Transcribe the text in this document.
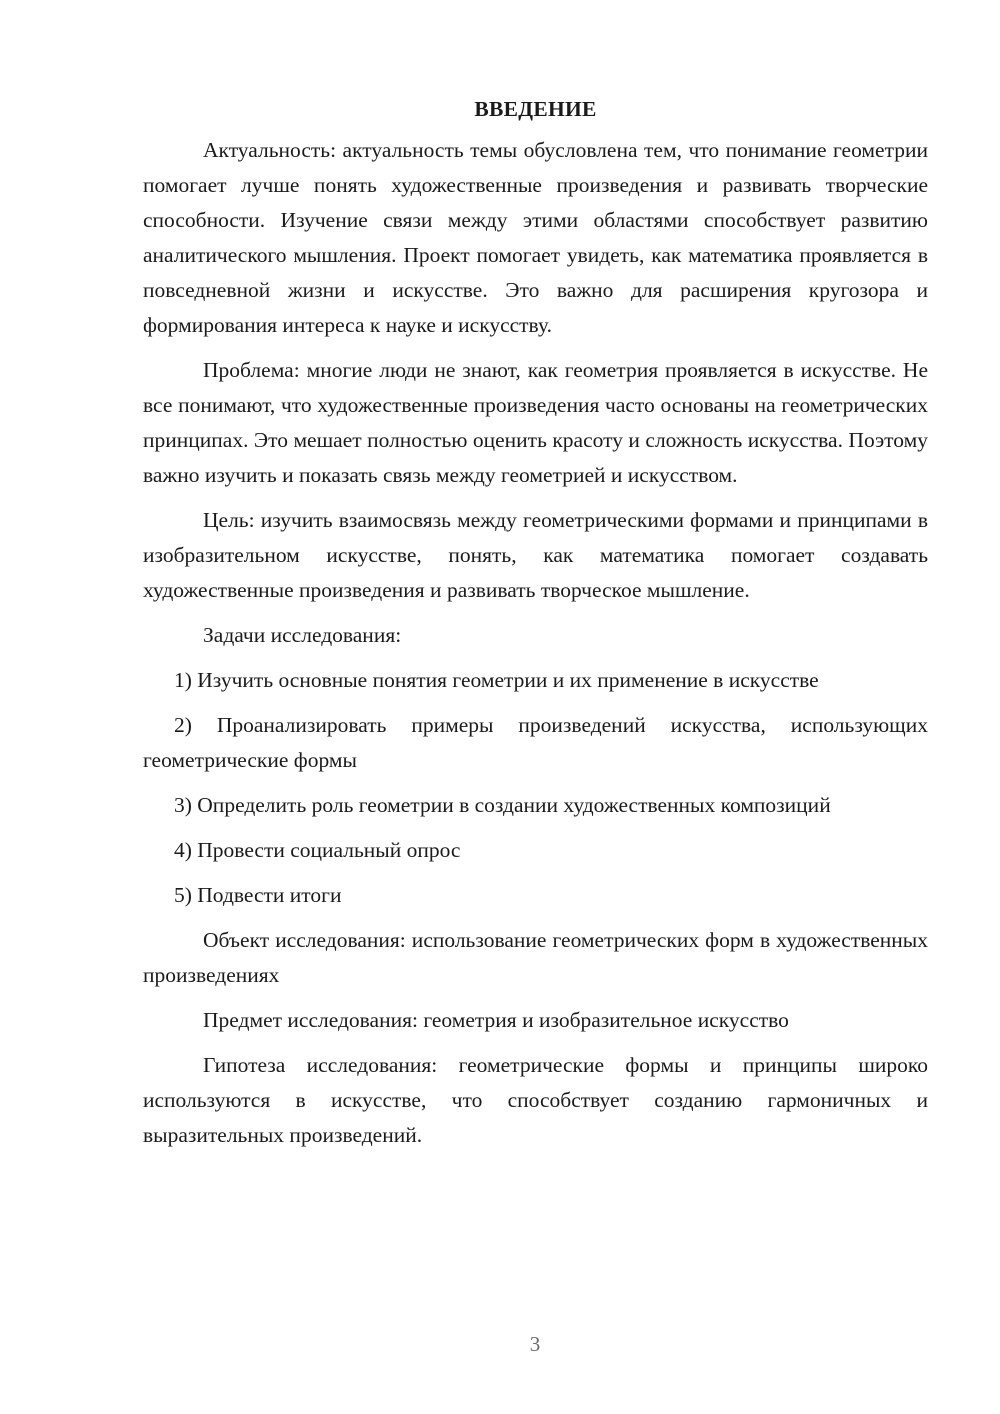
ВВЕДЕНИЕ

Актуальность: актуальность темы обусловлена тем, что понимание геометрии помогает лучше понять художественные произведения и развивать творческие способности. Изучение связи между этими областями способствует развитию аналитического мышления. Проект помогает увидеть, как математика проявляется в повседневной жизни и искусстве. Это важно для расширения кругозора и формирования интереса к науке и искусству.

Проблема: многие люди не знают, как геометрия проявляется в искусстве. Не все понимают, что художественные произведения часто основаны на геометрических принципах. Это мешает полностью оценить красоту и сложность искусства. Поэтому важно изучить и показать связь между геометрией и искусством.

Цель: изучить взаимосвязь между геометрическими формами и принципами в изобразительном искусстве, понять, как математика помогает создавать художественные произведения и развивать творческое мышление.

Задачи исследования:

1) Изучить основные понятия геометрии и их применение в искусстве

2) Проанализировать примеры произведений искусства, использующих геометрические формы

3) Определить роль геометрии в создании художественных композиций

4) Провести социальный опрос

5) Подвести итоги

Объект исследования: использование геометрических форм в художественных произведениях

Предмет исследования: геометрия и изобразительное искусство

Гипотеза исследования: геометрические формы и принципы широко используются в искусстве, что способствует созданию гармоничных и выразительных произведений.

3
